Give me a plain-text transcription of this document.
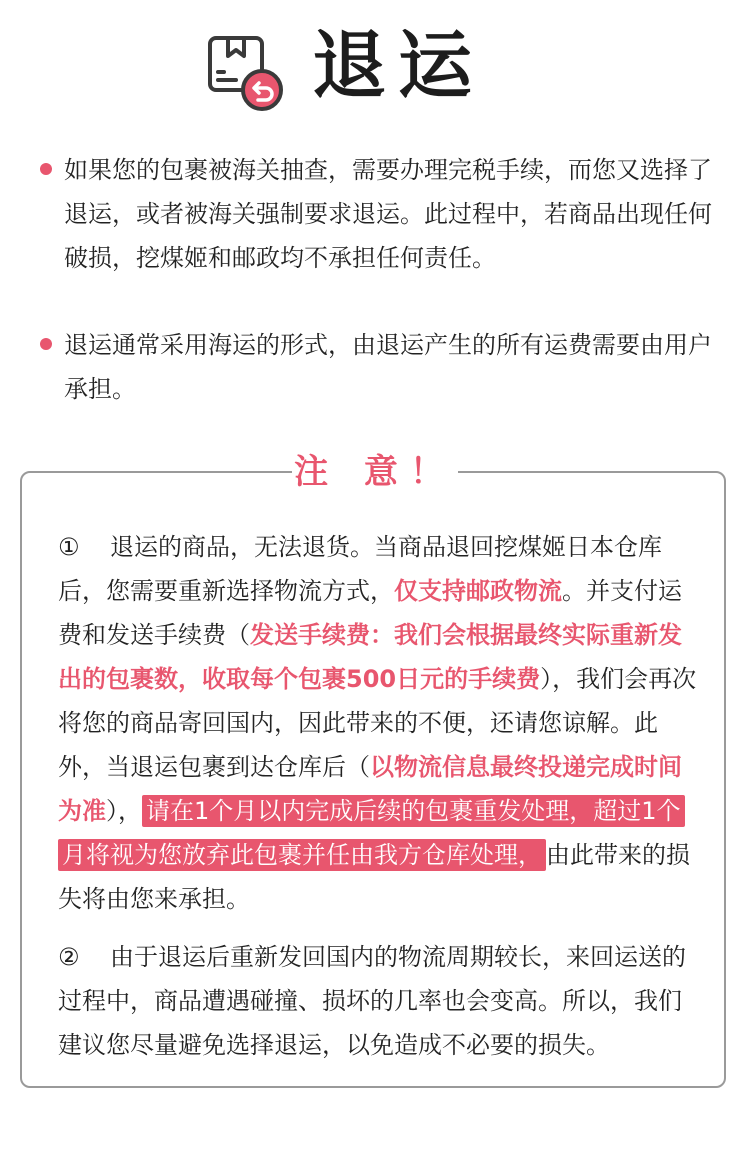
退运
如果您的包裹被海关抽查，需要办理完税手续，而您又选择了退运，或者被海关强制要求退运。此过程中，若商品出现任何破损，挖煤姬和邮政均不承担任何责任。
退运通常采用海运的形式，由退运产生的所有运费需要由用户承担。
注 意！

① 退运的商品，无法退货。当商品退回挖煤姬日本仓库后，您需要重新选择物流方式，仅支持邮政物流。并支付运费和发送手续费（发送手续费：我们会根据最终实际重新发出的包裹数，收取每个包裹500日元的手续费），我们会再次将您的商品寄回国内，因此带来的不便，还请您谅解。此外，当退运包裹到达仓库后（以物流信息最终投递完成时间为准）， 请在1个月以内完成后续的包裹重发处理，超过1个月将视为您放弃此包裹并任由我方仓库处理， 由此带来的损失将由您来承担。

② 由于退运后重新发回国内的物流周期较长，来回运送的过程中，商品遭遇碰撞、损坏的几率也会变高。所以，我们建议您尽量避免选择退运，以免造成不必要的损失。
